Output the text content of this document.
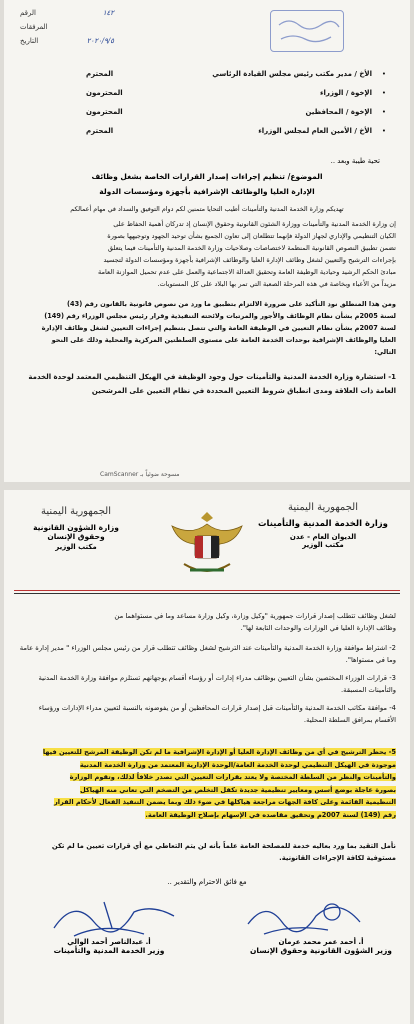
١٤٢
الرقم
المرفقات
٢٠٢٠/٩/٥
التاريخ
•
الأخ / مدير مكتب رئيس مجلس القيادة الرئاسي
المحترم
•
الإخوة / الوزراء
المحترمون
•
الإخوة / المحافظين
المحترمون
•
الأخ / الأمين العام لمجلس الوزراء
المحترم
تحية طيبة وبعد ..
الموضوع/ تنظيم إجراءات إصدار القرارات الخاصة بشغل وظائف
الإدارة العليا والوظائف الإشرافية بأجهزة ومؤسسات الدولة
تهديكم وزارة الخدمة المدنية والتأمينات أطيب التحايا متمنين لكم دوام التوفيق والسداد في مهام أعمالكم
إن وزارة الخدمة المدنية والتأمينات ووزارة الشئون القانونية وحقوق الإنسان إذ تدركان أهمية الحفاظ على
الكيان التنظيمي والإداري لجهاز الدولة فإنهما تتطلعان إلى تعاون الجميع بشأن توحيد الجهود وتوجيهها بصورة
تضمن تطبيق النصوص القانونية المنظمة لاختصاصات وصلاحيات وزارة الخدمة المدنية والتأمينات فيما يتعلق
بإجراءات الترشيح والتعيين لشغل وظائف الإدارة العليا والوظائف الإشرافية بأجهزة ومؤسسات الدولة لتجسيد
مبادئ الحكم الرشيد وحيادية الوظيفة العامة وتحقيق العدالة الاجتماعية والعمل على عدم تحميل الموازنة العامة
مزيداً من الأعباء وبخاصة في هذه المرحلة الصعبة التي تمر بها البلاد على كل المستويات.
ومن هذا المنطلق نود التأكيد على ضرورة الالتزام بتطبيق ما ورد من نصوص قانونية بالقانون رقم (43)
لسنة 2005م بشأن نظام الوظائف والأجور والمرتبات ولائحته التنفيذية وقرار رئيس مجلس الوزراء رقم (149)
لسنة 2007م بشأن نظام التعيين في الوظيفة العامة والتي تتصل بتنظيم إجراءات التعيين لشغل وظائف الإدارة
العليا والوظائف الإشرافية بوحدات الخدمة العامة على مستوى السلطتين المركزية والمحلية وذلك على النحو
التالي:
1- استشارة وزارة الخدمة المدنية والتأمينات حول وجود الوظيفة في الهيكل التنظيمي المعتمد لوحدة الخدمة
العامة ذات العلاقة ومدى انطباق شروط التعيين المحددة في نظام التعيين على المرشحين
CamScanner مسوحة ضوئياً بـ
الجمهورية اليمنية
وزارة الشؤون القانونية
وحقوق الإنسان
مكتب الوزير
الجمهورية اليمنية
وزارة الخدمة المدنية والتأمينات
الديوان العام - عدن
مكتب الوزير
لشغل وظائف تتطلب إصدار قرارات جمهورية "وكيل وزارة، وكيل وزارة مساعد وما في مستواهما من
وظائف الإدارة العليا في الوزارات والوحدات التابعة لها".
2- اشتراط موافقة وزارة الخدمة المدنية والتأمينات عند الترشيح لشغل وظائف تتطلب قرار من رئيس مجلس الوزراء " مدير إدارة عامة وما في مستواها".
3- قرارات الوزراء المختصين بشأن التعيين بوظائف مدراء إدارات أو رؤساء أقسام يوجهانهم تستلزم موافقة وزارة الخدمة المدنية والتأمينات المسبقة.
4- موافقة مكاتب الخدمة المدنية والتأمينات قبل إصدار قرارات المحافظين أو من يفوضونه بالنسبة لتعيين مدراء الإدارات ورؤساء الأقسام بمرافق السلطة المحلية.
5- يحظر الترشيح في أي من وظائف الإدارة العليا أو الإدارة الإشرافية ما لم تكن الوظيفة المرشح للتعيين فيها
موجودة في الهيكل التنظيمي لوحدة الخدمة العامة/الوحدة الإدارية المعتمد من وزارة الخدمة المدنية
والتأمينات والنظر من السلطة المختصة ولا يعتد بقرارات التعيين التي تصدر خلافاً لذلك، وتقوم الوزارة
بصورة عاجلة بوضع أسس ومعايير تنظيمية جديدة تكفل التخلص من التضخم التي تعاني منه الهياكل
التنظيمية القائمة وعلى كافة الجهات مراجعة هياكلها في ضوء ذلك وبما يضمن التنفيذ الفعال لأحكام القرار
رقم (149) لسنة 2007م وتحقيق مقاصده في الإسهام بإصلاح الوظيفة العامة.
نأمل التقيد بما ورد بعاليه خدمة للمصلحة العامة علماً بأنه لن يتم التعاطي مع أي قرارات تعيين ما لم تكن
مستوفية لكافة الإجراءات القانونية.
مع فائق الاحترام والتقدير ..
أ. عبدالناصر أحمد الوالي
وزير الخدمة المدنية والتأمينات
أ. أحمد عمر محمد عرمان
وزير الشؤون القانونية وحقوق الإنسان
